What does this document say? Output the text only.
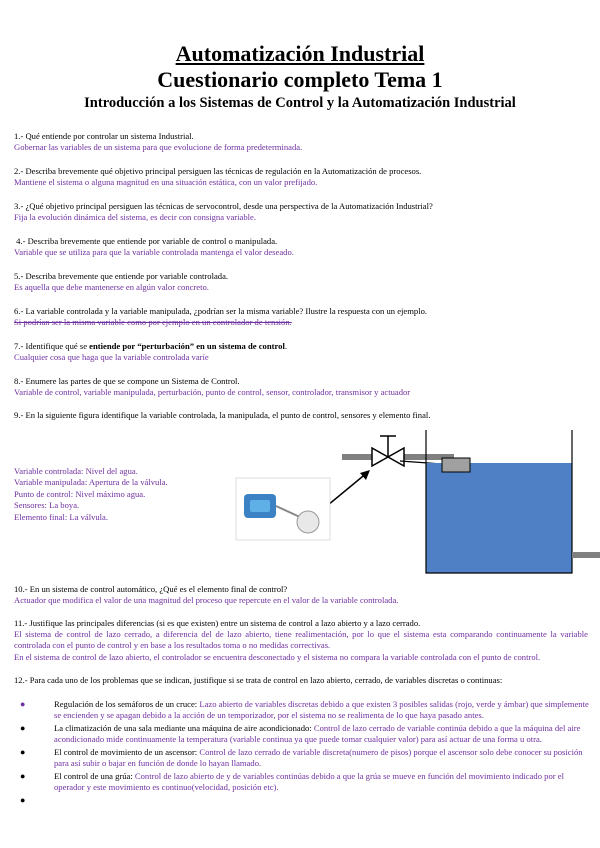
Automatización Industrial
Cuestionario completo Tema 1
Introducción a los Sistemas de Control y la Automatización Industrial
1.- Qué entiende por controlar un sistema Industrial.
Gobernar las variables de un sistema para que evolucione de forma predeterminada.
2.- Describa brevemente qué objetivo principal persiguen las técnicas de regulación en la Automatización de procesos.
Mantiene el sistema o alguna magnitud en una situación estática, con un valor prefijado.
3.- ¿Qué objetivo principal persiguen las técnicas de servocontrol, desde una perspectiva de la Automatización Industrial?
Fija la evolución dinámica del sistema, es decir con consigna variable.
4.- Describa brevemente que entiende por variable de control o manipulada.
Variable que se utiliza para que la variable controlada mantenga el valor deseado.
5.- Describa brevemente que entiende por variable controlada.
Es aquella que debe mantenerse en algún valor concreto.
6.- La variable controlada y la variable manipulada, ¿podrían ser la misma variable? Ilustre la respuesta con un ejemplo.
Si podrían ser la misma variable como por ejemplo en un controlador de tensión.
7.- Identifique qué se entiende por “perturbación” en un sistema de control.
Cualquier cosa que haga que la variable controlada varíe
8.- Enumere las partes de que se compone un Sistema de Control.
Variable de control, variable manipulada, perturbación, punto de control, sensor, controlador, transmisor y actuador
9.- En la siguiente figura identifique la variable controlada, la manipulada, el punto de control, sensores y elemento final.
Variable controlada: Nivel del agua.
Variable manipulada: Apertura de la válvula.
Punto de control: Nivel máximo agua.
Sensores: La boya.
Elemento final: La válvula.
10.- En un sistema de control automático, ¿Qué es el elemento final de control?
Actuador que modifica el valor de una magnitud del proceso que repercute en el valor de la variable controlada.
11.- Justifique las principales diferencias (si es que existen) entre un sistema de control a lazo abierto y a lazo cerrado.
El sistema de control de lazo cerrado, a diferencia del de lazo abierto, tiene realimentación, por lo que el sistema esta comparando continuamente la variable controlada con el punto de control y en base a los resultados toma o no medidas correctivas.
En el sistema de control de lazo abierto, el controlador se encuentra desconectado y el sistema no compara la variable controlada con el punto de control.
12.- Para cada uno de los problemas que se indican, justifique si se trata de control en lazo abierto, cerrado, de variables discretas o continuas:
●	Regulación de los semáforos de un cruce: Lazo abierto de variables discretas debido a que existen 3 posibles salidas (rojo, verde y ámbar) que simplemente se encienden y se apagan debido a la acción de un temporizador, por el sistema no se realimenta de lo que haya pasado antes.
●	La climatización de una sala mediante una máquina de aire acondicionado: Control de lazo cerrado de variable continúa debido a que la máquina del aire acondicionado mide continuamente la temperatura (variable continua ya que puede tomar cualquier valor) para así actuar de una forma u otra.
●	El control de movimiento de un ascensor: Control de lazo cerrado de variable discreta(numero de pisos) porque el ascensor solo debe conocer su posición para así subir o bajar en función de donde lo hayan llamado.
●	El control de una grúa: Control de lazo abierto de y de variables continúas debido a que la grúa se mueve en función del movimiento indicado por el operador y este movimiento es continuo(velocidad, posición etc).
●
